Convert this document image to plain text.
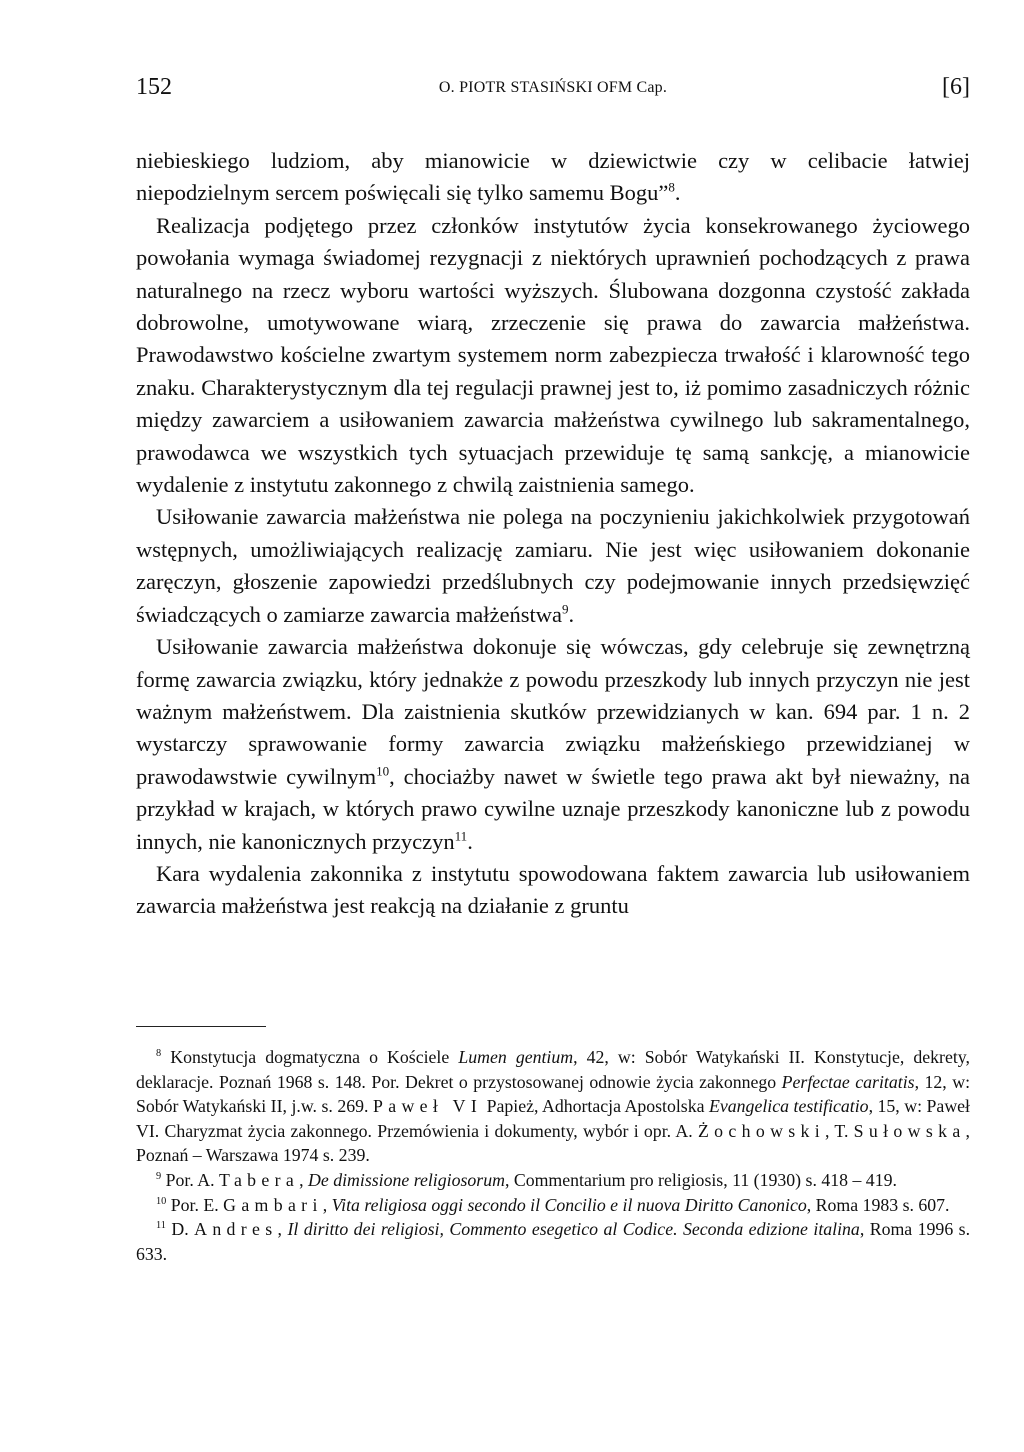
152	O. PIOTR STASIŃSKI OFM Cap.	[6]

niebieskiego ludziom, aby mianowicie w dziewictwie czy w celibacie łatwiej niepodzielnym sercem poświęcali się tylko samemu Bogu”$^8$.

Realizacja podjętego przez członków instytutów życia konsekrowanego życiowego powołania wymaga świadomej rezygnacji z niektórych uprawnień pochodzących z prawa naturalnego na rzecz wyboru wartości wyższych. Ślubowana dozgonna czystość zakłada dobrowolne, umotywowane wiarą, zrzeczenie się prawa do zawarcia małżeństwa. Prawodawstwo kościelne zwartym systemem norm zabezpiecza trwałość i klarowność tego znaku. Charakterystycznym dla tej regulacji prawnej jest to, iż pomimo zasadniczych różnic między zawarciem a usiłowaniem zawarcia małżeństwa cywilnego lub sakramentalnego, prawodawca we wszystkich tych sytuacjach przewiduje tę samą sankcję, a mianowicie wydalenie z instytutu zakonnego z chwilą zaistnienia samego.

Usiłowanie zawarcia małżeństwa nie polega na poczynieniu jakichkolwiek przygotowań wstępnych, umożliwiających realizację zamiaru. Nie jest więc usiłowaniem dokonanie zaręczyn, głoszenie zapowiedzi przedślubnych czy podejmowanie innych przedsięwzięć świadczących o zamiarze zawarcia małżeństwa$^9$.

Usiłowanie zawarcia małżeństwa dokonuje się wówczas, gdy celebruje się zewnętrzną formę zawarcia związku, który jednakże z powodu przeszkody lub innych przyczyn nie jest ważnym małżeństwem. Dla zaistnienia skutków przewidzianych w kan. 694 par. 1 n. 2 wystarczy sprawowanie formy zawarcia związku małżeńskiego przewidzianej w prawodawstwie cywilnym$^{10}$, chociażby nawet w świetle tego prawa akt był nieważny, na przykład w krajach, w których prawo cywilne uznaje przeszkody kanoniczne lub z powodu innych, nie kanonicznych przyczyn$^{11}$.

Kara wydalenia zakonnika z instytutu spowodowana faktem zawarcia lub usiłowaniem zawarcia małżeństwa jest reakcją na działanie z gruntu

$^8$ Konstytucja dogmatyczna o Kościele Lumen gentium, 42, w: Sobór Watykański II. Konstytucje, dekrety, deklaracje. Poznań 1968 s. 148. Por. Dekret o przystosowanej odnowie życia zakonnego Perfectae caritatis, 12, w: Sobór Watykański II, j.w. s. 269. Paweł VI Papież, Adhortacja Apostolska Evangelica testificatio, 15, w: Paweł VI. Charyzmat życia zakonnego. Przemówienia i dokumenty, wybór i opr. A. Żochowski, T. Sułowska, Poznań – Warszawa 1974 s. 239.

$^9$ Por. A. Tabera, De dimissione religiosorum, Commentarium pro religiosis, 11 (1930) s. 418 – 419.

$^{10}$ Por. E. Gambari, Vita religiosa oggi secondo il Concilio e il nuova Diritto Canonico, Roma 1983 s. 607.

$^{11}$ D. Andres, Il diritto dei religiosi, Commento esegetico al Codice. Seconda edizione italina, Roma 1996 s. 633.
